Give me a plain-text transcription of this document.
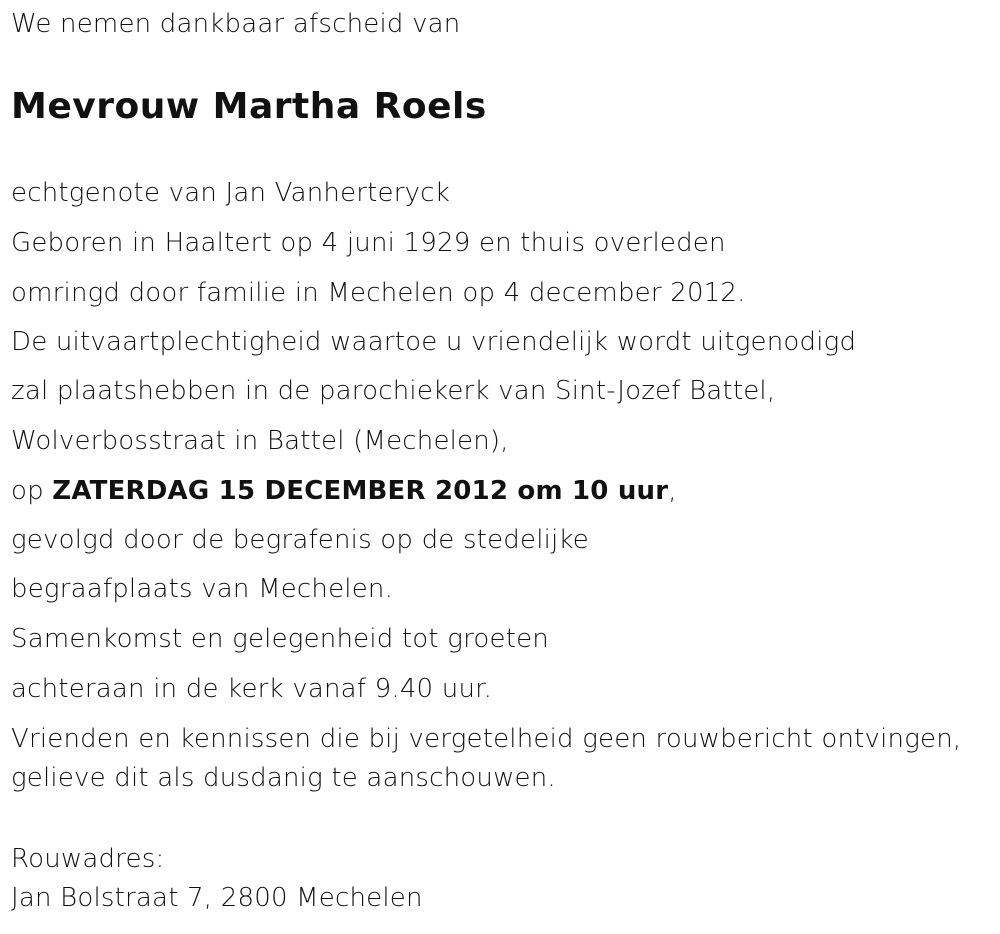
We nemen dankbaar afscheid van
Mevrouw Martha Roels
echtgenote van Jan Vanherteryck
Geboren in Haaltert op 4 juni 1929 en thuis overleden
omringd door familie in Mechelen op 4 december 2012.
De uitvaartplechtigheid waartoe u vriendelijk wordt uitgenodigd
zal plaatshebben in de parochiekerk van Sint-Jozef Battel,
Wolverbosstraat in Battel (Mechelen),
op ZATERDAG 15 DECEMBER 2012 om 10 uur,
gevolgd door de begrafenis op de stedelijke
begraafplaats van Mechelen.
Samenkomst en gelegenheid tot groeten
achteraan in de kerk vanaf 9.40 uur.
Vrienden en kennissen die bij vergetelheid geen rouwbericht ontvingen,
gelieve dit als dusdanig te aanschouwen.
Rouwadres:
Jan Bolstraat 7, 2800 Mechelen
